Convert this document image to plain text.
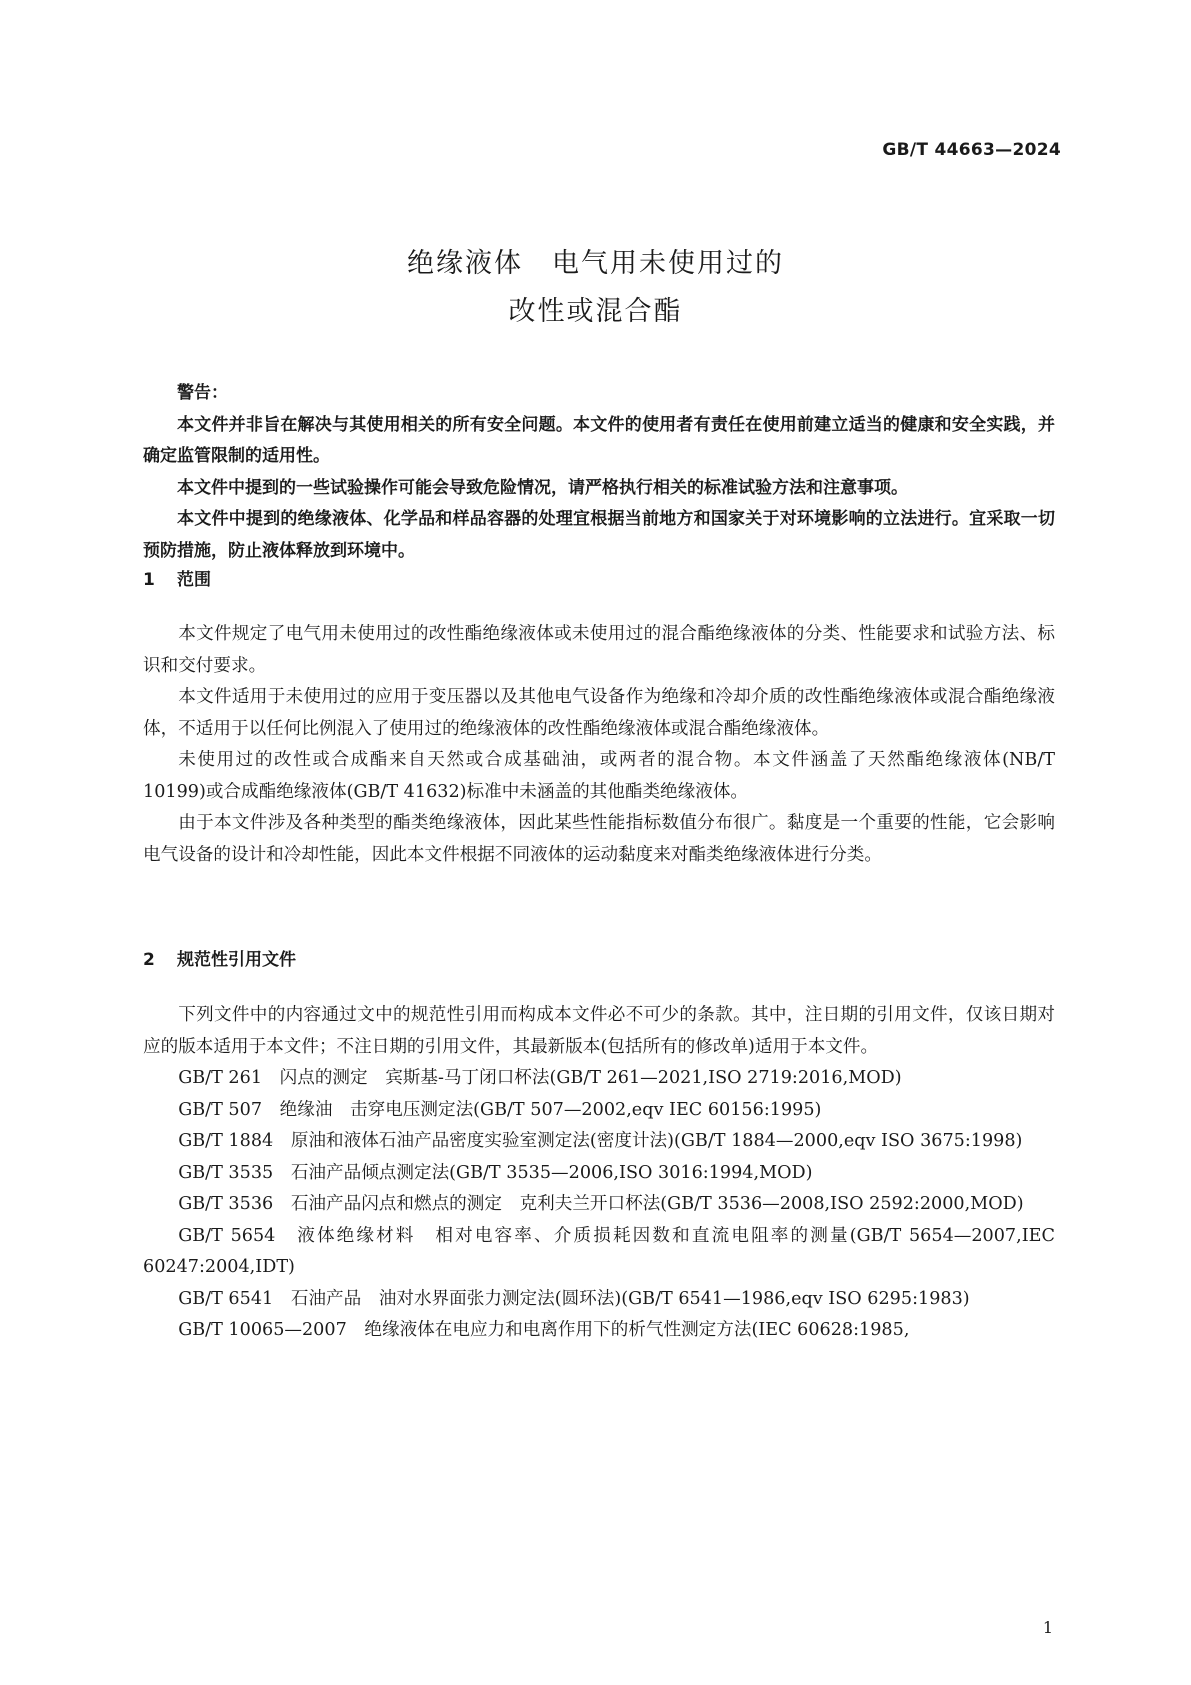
GB/T 44663—2024
绝缘液体　电气用未使用过的
改性或混合酯

警告：

本文件并非旨在解决与其使用相关的所有安全问题。本文件的使用者有责任在使用前建立适当的健康和安全实践，并确定监管限制的适用性。

本文件中提到的一些试验操作可能会导致危险情况，请严格执行相关的标准试验方法和注意事项。

本文件中提到的绝缘液体、化学品和样品容器的处理宜根据当前地方和国家关于对环境影响的立法进行。宜采取一切预防措施，防止液体释放到环境中。

1 范围

本文件规定了电气用未使用过的改性酯绝缘液体或未使用过的混合酯绝缘液体的分类、性能要求和试验方法、标识和交付要求。

本文件适用于未使用过的应用于变压器以及其他电气设备作为绝缘和冷却介质的改性酯绝缘液体或混合酯绝缘液体，不适用于以任何比例混入了使用过的绝缘液体的改性酯绝缘液体或混合酯绝缘液体。

未使用过的改性或合成酯来自天然或合成基础油，或两者的混合物。本文件涵盖了天然酯绝缘液体(NB/T 10199)或合成酯绝缘液体(GB/T 41632)标准中未涵盖的其他酯类绝缘液体。

由于本文件涉及各种类型的酯类绝缘液体，因此某些性能指标数值分布很广。黏度是一个重要的性能，它会影响电气设备的设计和冷却性能，因此本文件根据不同液体的运动黏度来对酯类绝缘液体进行分类。

2 规范性引用文件

下列文件中的内容通过文中的规范性引用而构成本文件必不可少的条款。其中，注日期的引用文件，仅该日期对应的版本适用于本文件；不注日期的引用文件，其最新版本(包括所有的修改单)适用于本文件。

GB/T 261　 闪点的测定　宾斯基-马丁闭口杯法(GB/T 261—2021,ISO 2719:2016,MOD)

GB/T 507　 绝缘油　击穿电压测定法(GB/T 507—2002,eqv IEC 60156:1995)

GB/T 1884　 原油和液体石油产品密度实验室测定法(密度计法)(GB/T 1884—2000,eqv ISO 3675:1998)

GB/T 3535　 石油产品倾点测定法(GB/T 3535—2006,ISO 3016:1994,MOD)

GB/T 3536　 石油产品闪点和燃点的测定　克利夫兰开口杯法(GB/T 3536—2008,ISO 2592:2000,MOD)

GB/T 5654　 液体绝缘材料　相对电容率、介质损耗因数和直流电阻率的测量(GB/T 5654—2007,IEC 60247:2004,IDT)

GB/T 6541　 石油产品　油对水界面张力测定法(圆环法)(GB/T 6541—1986,eqv ISO 6295:1983)

GB/T 10065—2007　 绝缘液体在电应力和电离作用下的析气性测定方法(IEC 60628:1985,

1
